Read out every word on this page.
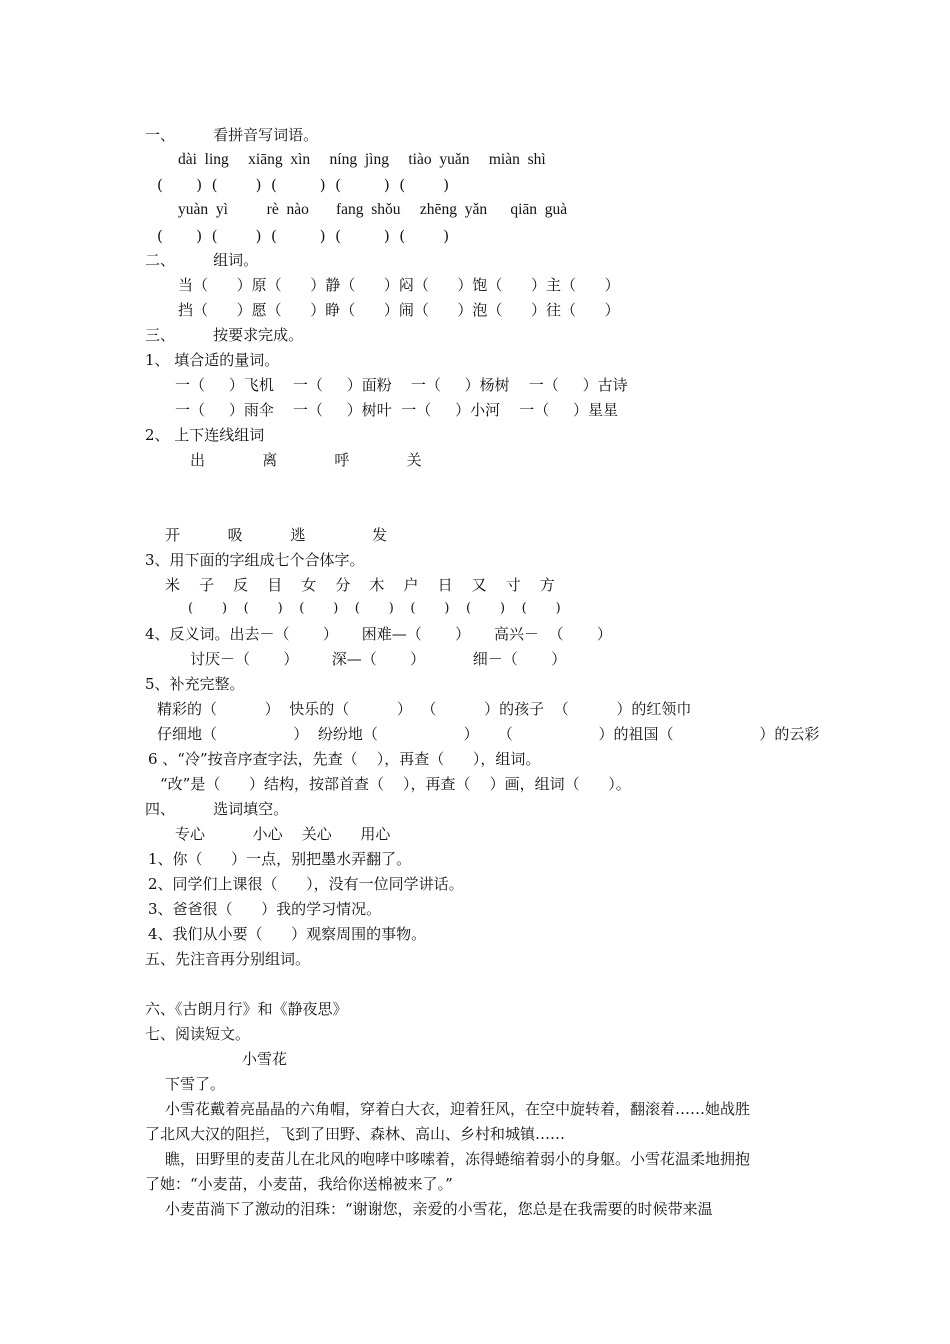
一、        看拼音写词语。
dài  ling     xiāng  xìn     níng  jìng     tiào  yuǎn     miàn  shì
(       )  (        )  (         )  (         )  (        )
yuàn  yì          rè  nào       fang  shǒu     zhēng  yǎn      qiān  guà
(       )  (        )  (         )  (         )  (        )
二、        组词。
当（      ）原（      ）静（      ）闷（      ）饱（      ）主（      ）
挡（      ）愿（      ）睁（      ）闹（      ）泡（      ）往（      ）
三、        按要求完成。
1、 填合适的量词。
一（     ）飞机    一（     ）面粉    一（     ）杨树    一（     ）古诗
一（     ）雨伞    一（     ）树叶  一（     ）小河    一（     ）星星
2、 上下连线组词
出            离            呼            关
开          吸          逃              发
3、用下面的字组成七个合体字。
米    子    反    目    女    分    木    户    日    又    寸    方
(       )    (       )    (       )    (       )    (       )    (       )    (       )
4、反义词。出去－（       ）     困难—（       ）     高兴－  （       ）
讨厌－（       ）       深—（       ）          细－（       ）
5、补充完整。
精彩的（          ）  快乐的（          ）  （          ）的孩子  （          ）的红领巾
仔细地（                ）  纷纷地（                  ）    （                  ）的祖国（                  ）的云彩
6 、“冷”按音序查字法，先查（    ），再查（      ），组词。
“改”是（      ）结构，按部首查（    ），再查（    ）画，组词（      ）。
四、        选词填空。
专心          小心    关心      用心
1、你（      ）一点，别把墨水弄翻了。
2、同学们上课很（      ），没有一位同学讲话。
3、爸爸很（      ）我的学习情况。
4、我们从小要（      ）观察周围的事物。
五、先注音再分别组词。
六、《古朗月行》和《静夜思》
七、阅读短文。
小雪花
下雪了。
小雪花戴着亮晶晶的六角帽，穿着白大衣，迎着狂风，在空中旋转着，翻滚着……她战胜
了北风大汉的阻拦，飞到了田野、森林、高山、乡村和城镇……
瞧，田野里的麦苗儿在北风的咆哮中哆嗦着，冻得蜷缩着弱小的身躯。小雪花温柔地拥抱
了她：“小麦苗，小麦苗，我给你送棉被来了。”
小麦苗淌下了激动的泪珠：“谢谢您，亲爱的小雪花，您总是在我需要的时候带来温
